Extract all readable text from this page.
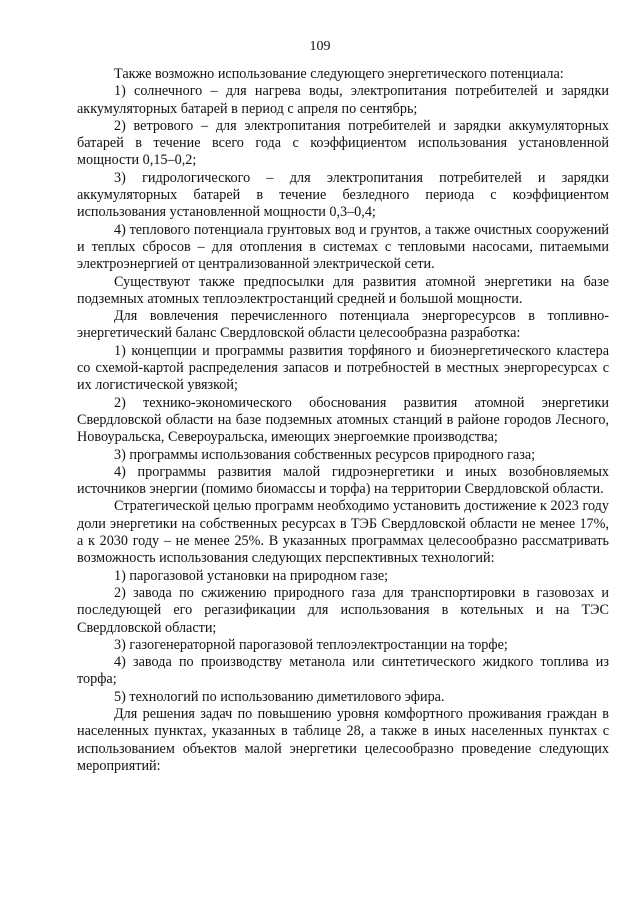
109

Также возможно использование следующего энергетического потенциала:

1) солнечного – для нагрева воды, электропитания потребителей и зарядки аккумуляторных батарей в период с апреля по сентябрь;

2) ветрового – для электропитания потребителей и зарядки аккумуляторных батарей в течение всего года с коэффициентом использования установленной мощности 0,15–0,2;

3) гидрологического – для электропитания потребителей и зарядки аккумуляторных батарей в течение безледного периода с коэффициентом использования установленной мощности 0,3–0,4;

4) теплового потенциала грунтовых вод и грунтов, а также очистных сооружений и теплых сбросов – для отопления в системах с тепловыми насосами, питаемыми электроэнергией от централизованной электрической сети.

Существуют также предпосылки для развития атомной энергетики на базе подземных атомных теплоэлектростанций средней и большой мощности.

Для вовлечения перечисленного потенциала энергоресурсов в топливно-энергетический баланс Свердловской области целесообразна разработка:

1) концепции и программы развития торфяного и биоэнергетического кластера со схемой-картой распределения запасов и потребностей в местных энергоресурсах с их логистической увязкой;

2) технико-экономического обоснования развития атомной энергетики Свердловской области на базе подземных атомных станций в районе городов Лесного, Новоуральска, Североуральска, имеющих энергоемкие производства;

3) программы использования собственных ресурсов природного газа;

4) программы развития малой гидроэнергетики и иных возобновляемых источников энергии (помимо биомассы и торфа) на территории Свердловской области.

Стратегической целью программ необходимо установить достижение к 2023 году доли энергетики на собственных ресурсах в ТЭБ Свердловской области не менее 17%, а к 2030 году – не менее 25%. В указанных программах целесообразно рассматривать возможность использования следующих перспективных технологий:

1) парогазовой установки на природном газе;

2) завода по сжижению природного газа для транспортировки в газовозах и последующей его регазификации для использования в котельных и на ТЭС Свердловской области;

3) газогенераторной парогазовой теплоэлектростанции на торфе;

4) завода по производству метанола или синтетического жидкого топлива из торфа;

5) технологий по использованию диметилового эфира.

Для решения задач по повышению уровня комфортного проживания граждан в населенных пунктах, указанных в таблице 28, а также в иных населенных пунктах с использованием объектов малой энергетики целесообразно проведение следующих мероприятий:
